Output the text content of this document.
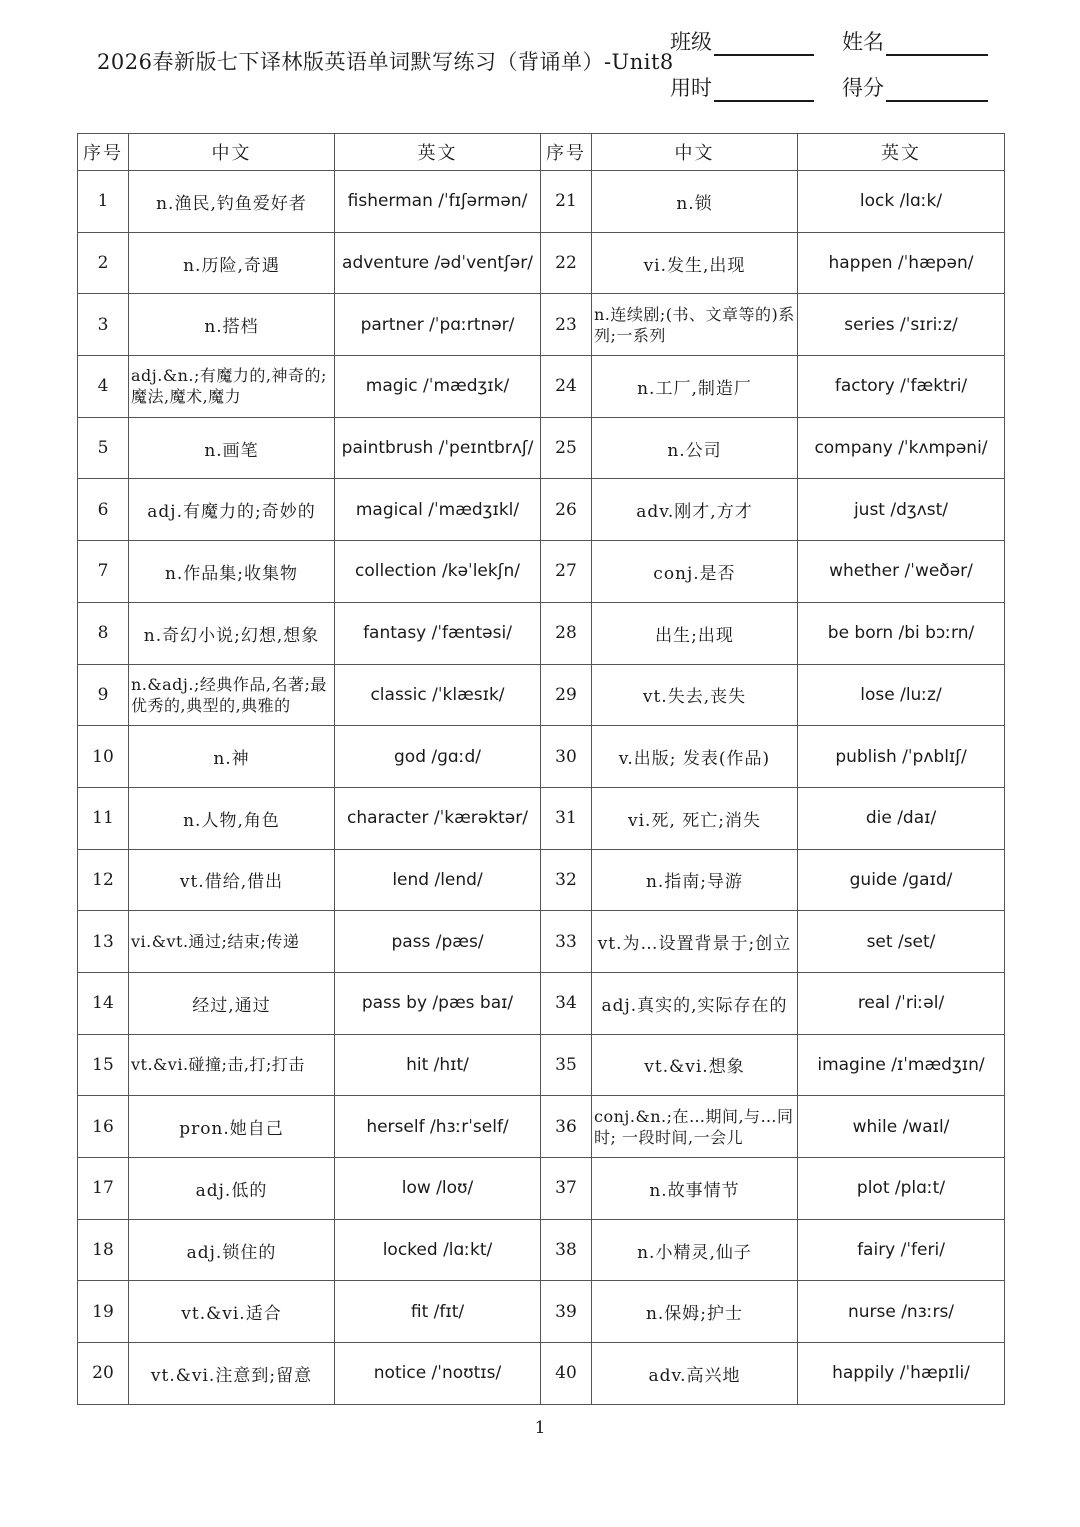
2026春新版七下译林版英语单词默写练习（背诵单）-Unit8
班级	姓名
用时	得分
序号	中文	英文	序号	中文	英文
1	n.渔民,钓鱼爱好者	fisherman /ˈfɪʃərmən/	21	n.锁	lock /lɑːk/
2	n.历险,奇遇	adventure /ədˈventʃər/	22	vi.发生,出现	happen /ˈhæpən/
3	n.搭档	partner /ˈpɑːrtnər/	23	n.连续剧;(书、文章等的)系列;一系列	series /ˈsɪriːz/
4	adj.&n.;有魔力的,神奇的; 魔法,魔术,魔力	magic /ˈmædʒɪk/	24	n.工厂,制造厂	factory /ˈfæktri/
5	n.画笔	paintbrush /ˈpeɪntbrʌʃ/	25	n.公司	company /ˈkʌmpəni/
6	adj.有魔力的;奇妙的	magical /ˈmædʒɪkl/	26	adv.刚才,方才	just /dʒʌst/
7	n.作品集;收集物	collection /kəˈlekʃn/	27	conj.是否	whether /ˈweðər/
8	n.奇幻小说;幻想,想象	fantasy /ˈfæntəsi/	28	出生;出现	be born /bi bɔːrn/
9	n.&adj.;经典作品,名著;最优秀的,典型的,典雅的	classic /ˈklæsɪk/	29	vt.失去,丧失	lose /luːz/
10	n.神	god /ɡɑːd/	30	v.出版; 发表(作品)	publish /ˈpʌblɪʃ/
11	n.人物,角色	character /ˈkærəktər/	31	vi.死, 死亡;消失	die /daɪ/
12	vt.借给,借出	lend /lend/	32	n.指南;导游	guide /ɡaɪd/
13	vi.&vt.通过;结束;传递	pass /pæs/	33	vt.为…设置背景于;创立	set /set/
14	经过,通过	pass by /pæs baɪ/	34	adj.真实的,实际存在的	real /ˈriːəl/
15	vt.&vi.碰撞;击,打;打击	hit /hɪt/	35	vt.&vi.想象	imagine /ɪˈmædʒɪn/
16	pron.她自己	herself /hɜːrˈself/	36	conj.&n.;在…期间,与…同时; 一段时间,一会儿	while /waɪl/
17	adj.低的	low /loʊ/	37	n.故事情节	plot /plɑːt/
18	adj.锁住的	locked /lɑːkt/	38	n.小精灵,仙子	fairy /ˈferi/
19	vt.&vi.适合	fit /fɪt/	39	n.保姆;护士	nurse /nɜːrs/
20	vt.&vi.注意到;留意	notice /ˈnoʊtɪs/	40	adv.高兴地	happily /ˈhæpɪli/
1
